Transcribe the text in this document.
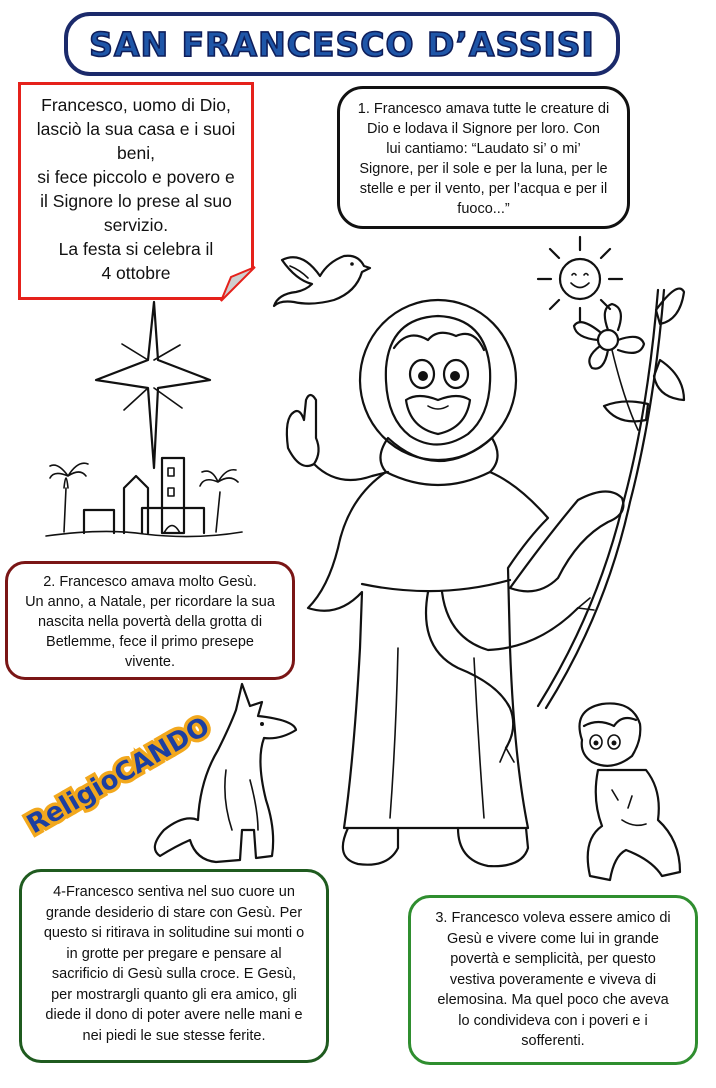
SAN FRANCESCO D’ASSISI
Francesco, uomo di Dio,
lasciò la sua casa e i suoi
beni,
si fece piccolo e povero e
il Signore lo prese al suo
servizio.
La festa si celebra il
4 ottobre
1. Francesco amava tutte le creature di
Dio e lodava il Signore per loro. Con
lui cantiamo: “Laudato si’ o mi’
Signore, per il sole e per la luna, per le
stelle e per il vento, per l’acqua e per il
fuoco...”
2. Francesco amava molto Gesù.
Un anno, a Natale, per ricordare la sua
nascita nella povertà della grotta di
Betlemme, fece il primo presepe
vivente.
4-Francesco sentiva nel suo cuore un
grande desiderio di stare con Gesù. Per
questo si ritirava in solitudine sui monti o
in grotte per pregare e pensare al
sacrificio di Gesù sulla croce. E Gesù,
per mostrargli quanto gli era amico, gli
diede il dono di poter avere nelle mani e
nei piedi le sue stesse ferite.
3. Francesco voleva essere amico di
Gesù e vivere come lui in grande
povertà e semplicità, per questo
vestiva poveramente e viveva di
elemosina. Ma quel poco che aveva
lo condivideva con i poveri e i
sofferenti.
ReligioCANDO
